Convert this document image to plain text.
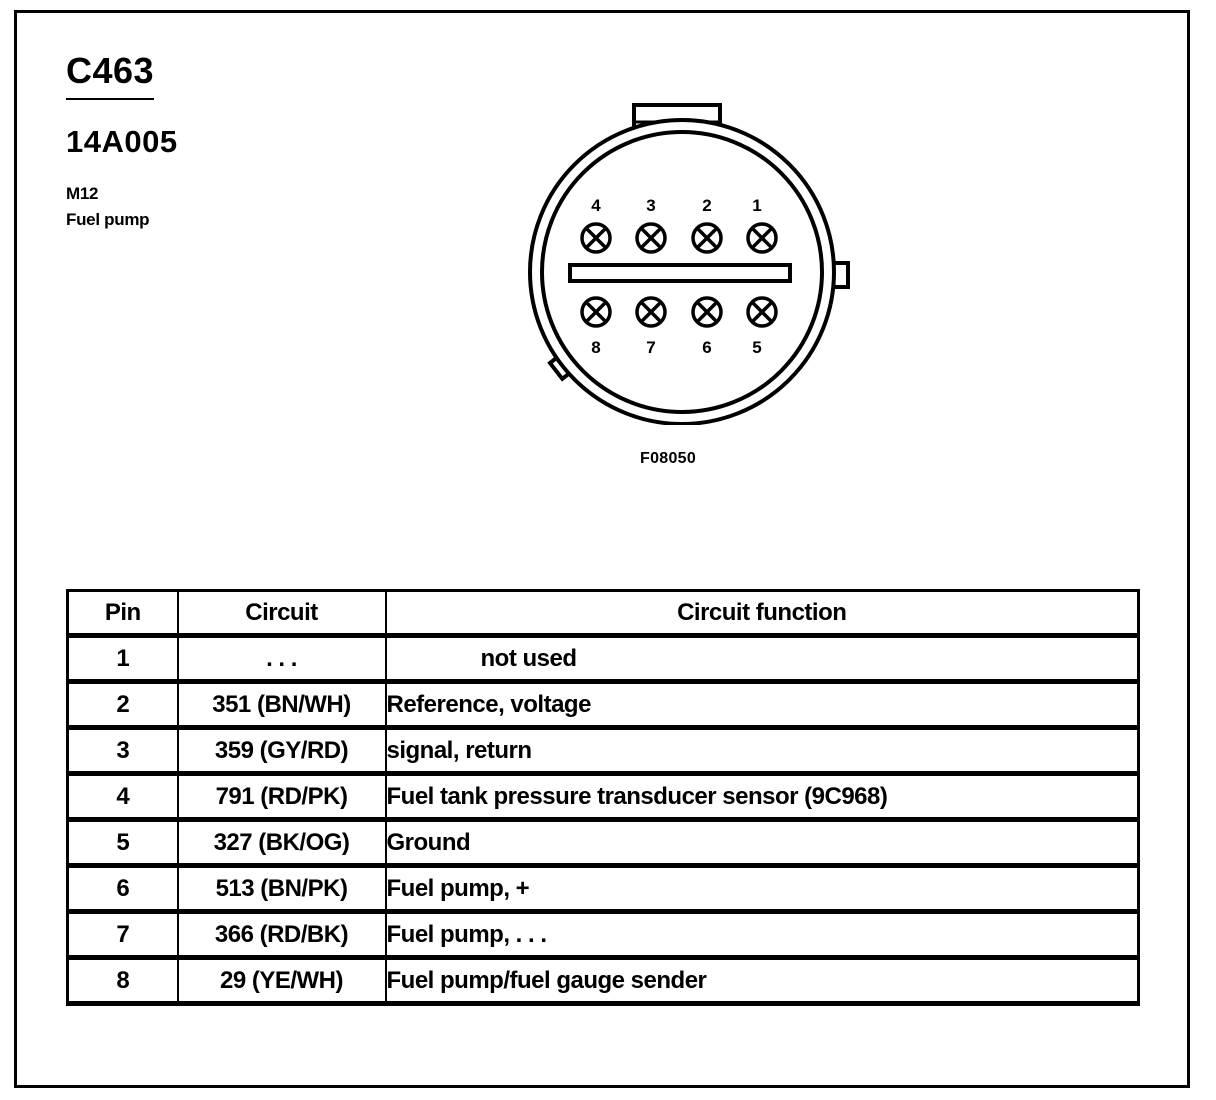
C463
14A005
M12
Fuel pump
4	3	2 1
8	7	6 5
F08050
Pin	Circuit	Circuit function
1	. . .	not used
2	351 (BN/WH)	Reference, voltage
3	359 (GY/RD)	signal, return
4	791 (RD/PK)	Fuel tank pressure transducer sensor (9C968)
5	327 (BK/OG)	Ground
6	513 (BN/PK)	Fuel pump, +
7	366 (RD/BK)	Fuel pump, . . .
8	29 (YE/WH)	Fuel pump/fuel gauge sender
